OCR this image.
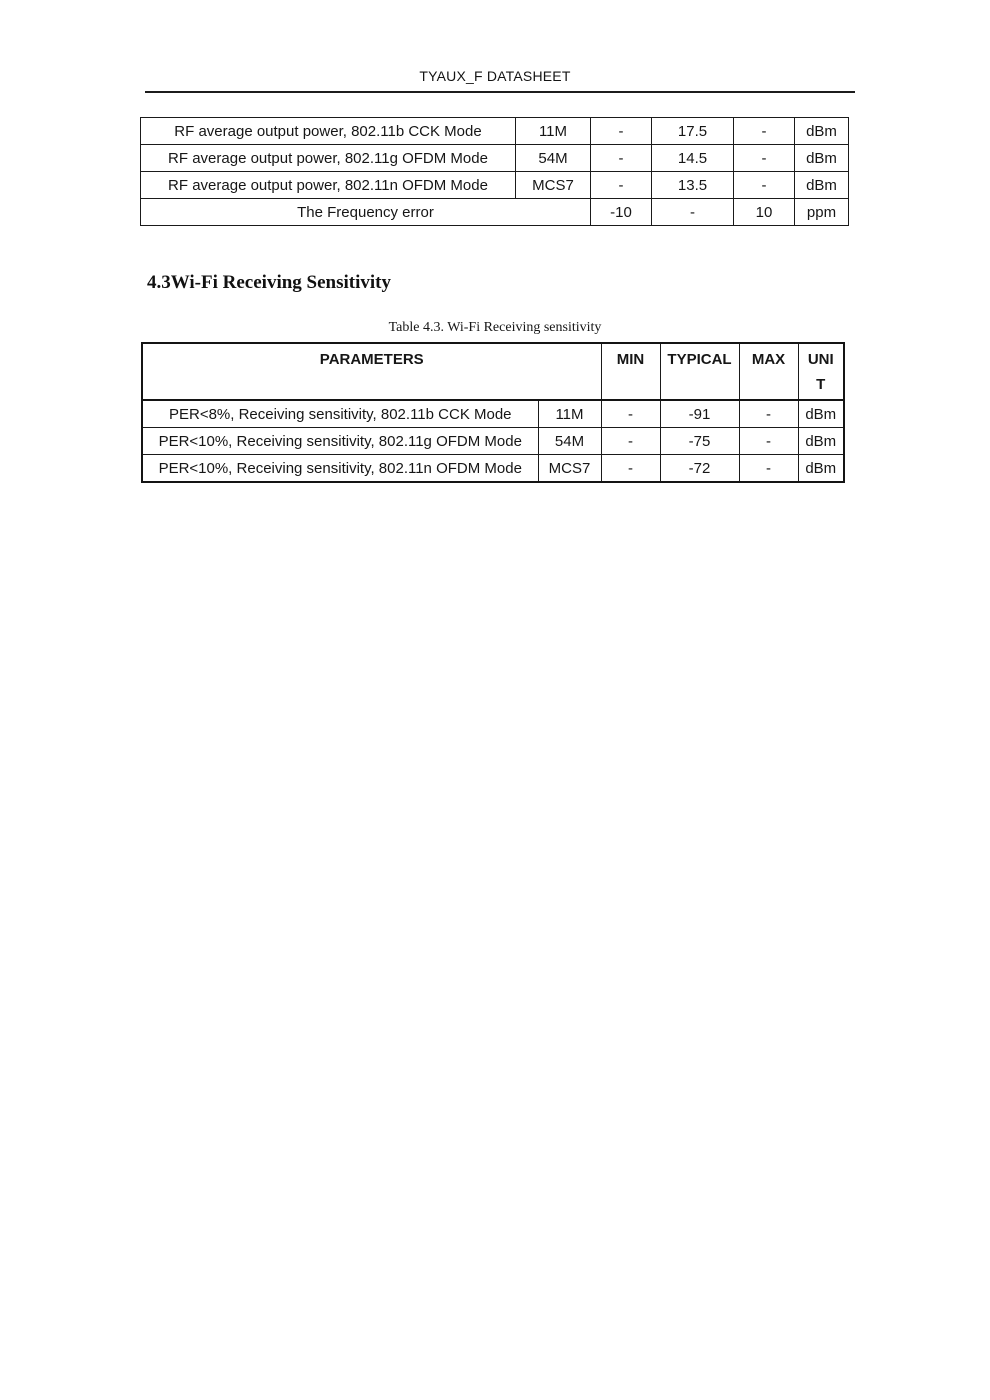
TYAUX_F DATASHEET
RF average output power, 802.11b CCK Mode	11M	-	17.5	-	dBm
RF average output power, 802.11g OFDM Mode	54M	-	14.5	-	dBm
RF average output power, 802.11n OFDM Mode	MCS7	-	13.5	-	dBm
The Frequency error		-10	-	10	ppm
4.3Wi-Fi Receiving Sensitivity
Table 4.3. Wi-Fi Receiving sensitivity
PARAMETERS		MIN	TYPICAL	MAX	UNIT
PER<8%, Receiving sensitivity, 802.11b CCK Mode	11M	-	-91	-	dBm
PER<10%, Receiving sensitivity, 802.11g OFDM Mode	54M	-	-75	-	dBm
PER<10%, Receiving sensitivity, 802.11n OFDM Mode	MCS7	-	-72	-	dBm
